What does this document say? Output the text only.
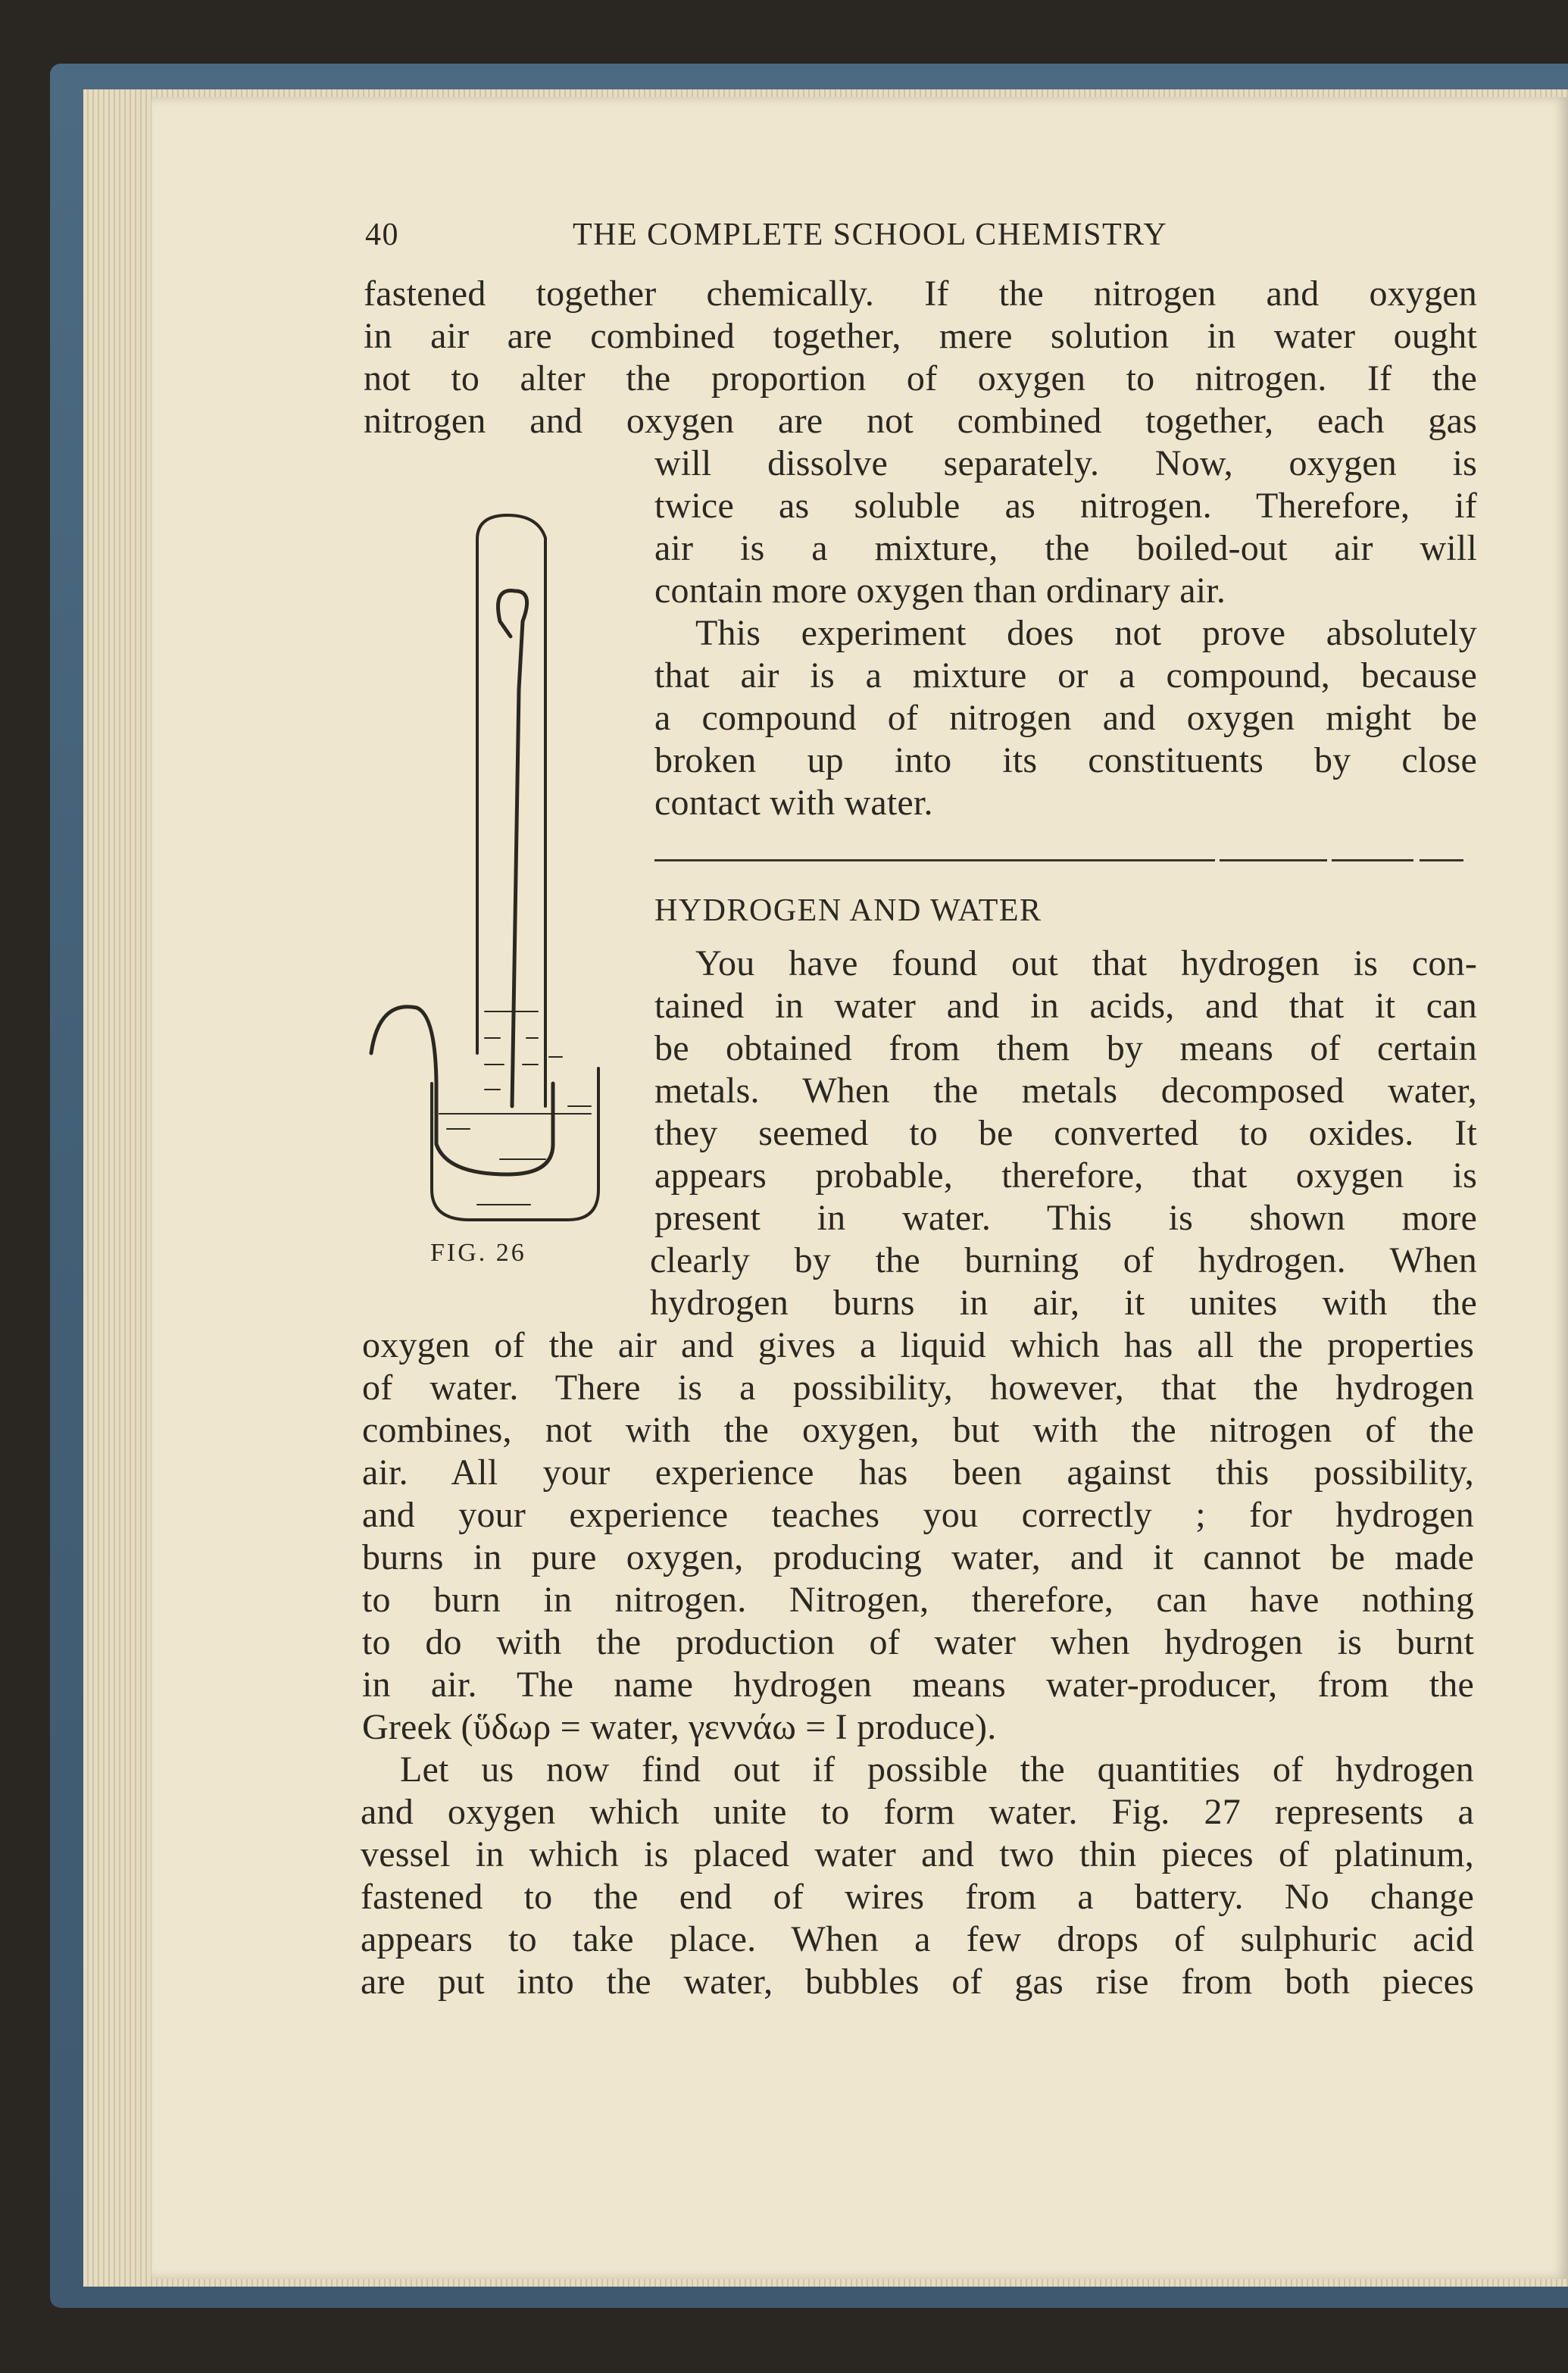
40	THE COMPLETE SCHOOL CHEMISTRY
fastened together chemically. If the nitrogen and oxygen
in air are combined together, mere solution in water ought
not to alter the proportion of oxygen to nitrogen. If the
nitrogen and oxygen are not combined together, each gas
will dissolve separately. Now, oxygen is
twice as soluble as nitrogen. Therefore, if
air is a mixture, the boiled-out air will
contain more oxygen than ordinary air.
This experiment does not prove absolutely
that air is a mixture or a compound, because
a compound of nitrogen and oxygen might be
broken up into its constituents by close
contact with water.
HYDROGEN AND WATER
You have found out that hydrogen is con-
tained in water and in acids, and that it can
be obtained from them by means of certain
metals. When the metals decomposed water,
they seemed to be converted to oxides. It
appears probable, therefore, that oxygen is
present in water. This is shown more
clearly by the burning of hydrogen. When
hydrogen burns in air, it unites with the
oxygen of the air and gives a liquid which has all the properties
of water. There is a possibility, however, that the hydrogen
combines, not with the oxygen, but with the nitrogen of the
air. All your experience has been against this possibility,
and your experience teaches you correctly ; for hydrogen
burns in pure oxygen, producing water, and it cannot be made
to burn in nitrogen. Nitrogen, therefore, can have nothing
to do with the production of water when hydrogen is burnt
in air. The name hydrogen means water-producer, from the
Greek (ὕδωρ = water, γεννάω = I produce).
Let us now find out if possible the quantities of hydrogen
and oxygen which unite to form water. Fig. 27 represents a
vessel in which is placed water and two thin pieces of platinum,
fastened to the end of wires from a battery. No change
appears to take place. When a few drops of sulphuric acid
are put into the water, bubbles of gas rise from both pieces
FIG. 26
